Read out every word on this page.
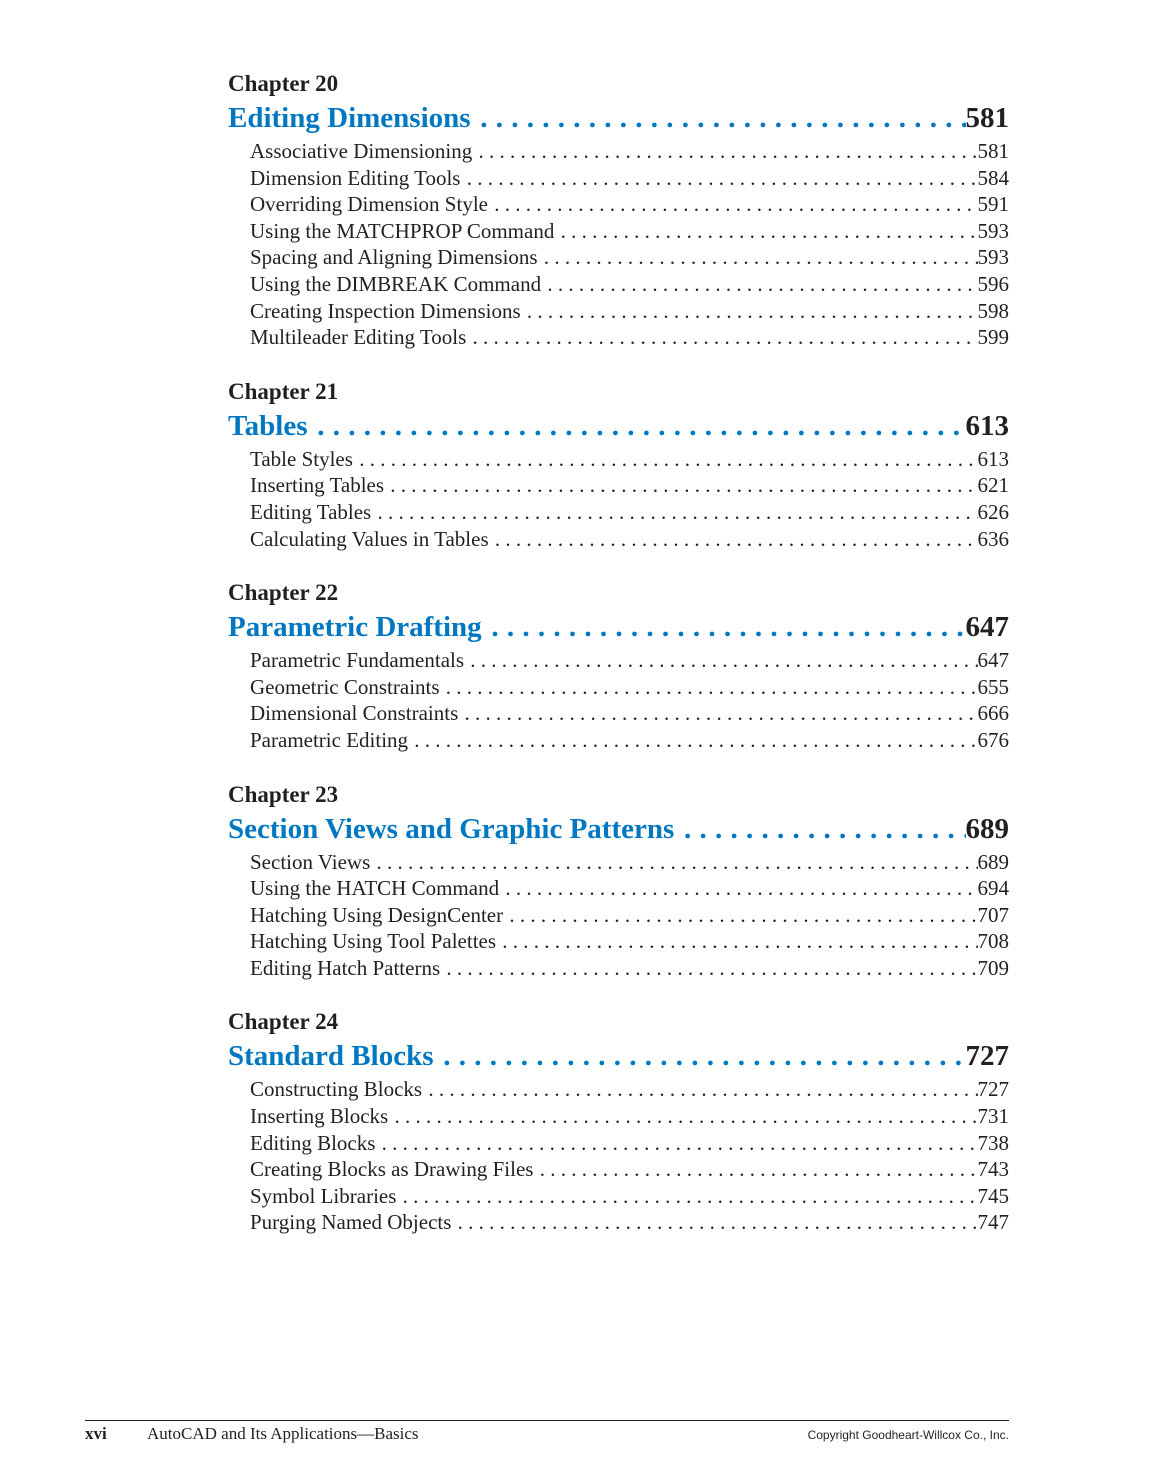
Chapter 20
Editing Dimensions . . .	581
Associative Dimensioning . . .	581
Dimension Editing Tools . . .	584
Overriding Dimension Style . . .	591
Using the MATCHPROP Command . . .	593
Spacing and Aligning Dimensions . . .	593
Using the DIMBREAK Command . . .	596
Creating Inspection Dimensions . . .	598
Multileader Editing Tools . . .	599
Chapter 21
Tables . . .	613
Table Styles . . .	613
Inserting Tables . . .	621
Editing Tables . . .	626
Calculating Values in Tables . . .	636
Chapter 22
Parametric Drafting . . .	647
Parametric Fundamentals . . .	647
Geometric Constraints . . .	655
Dimensional Constraints . . .	666
Parametric Editing . . .	676
Chapter 23
Section Views and Graphic Patterns . . .	689
Section Views . . .	689
Using the HATCH Command . . .	694
Hatching Using DesignCenter . . .	707
Hatching Using Tool Palettes . . .	708
Editing Hatch Patterns . . .	709
Chapter 24
Standard Blocks . . .	727
Constructing Blocks . . .	727
Inserting Blocks . . .	731
Editing Blocks . . .	738
Creating Blocks as Drawing Files . . .	743
Symbol Libraries . . .	745
Purging Named Objects . . .	747
xvi	AutoCAD and Its Applications—Basics	Copyright Goodheart-Willcox Co., Inc.
